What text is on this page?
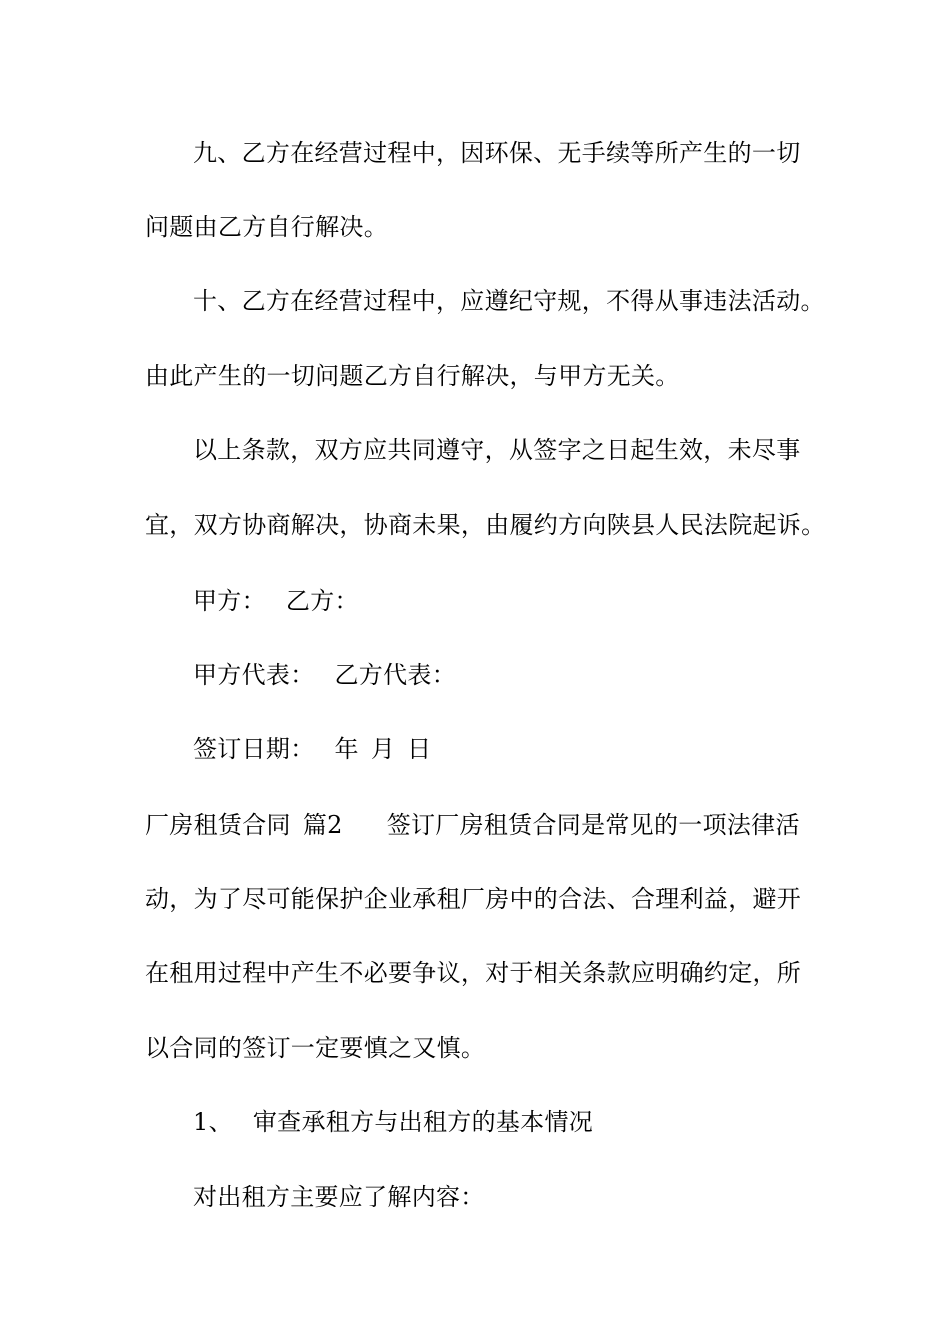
九、乙方在经营过程中，因环保、无手续等所产生的一切
问题由乙方自行解决。
十、乙方在经营过程中，应遵纪守规，不得从事违法活动。
由此产生的一切问题乙方自行解决，与甲方无关。
以上条款，双方应共同遵守，从签字之日起生效，未尽事
宜，双方协商解决，协商未果，由履约方向陕县人民法院起诉。
甲方： 乙方：
甲方代表： 乙方代表：
签订日期： 年 月 日
厂房租赁合同 篇2 签订厂房租赁合同是常见的一项法律活
动，为了尽可能保护企业承租厂房中的合法、合理利益，避开
在租用过程中产生不必要争议，对于相关条款应明确约定，所
以合同的签订一定要慎之又慎。
1、 审查承租方与出租方的基本情况
对出租方主要应了解内容：
